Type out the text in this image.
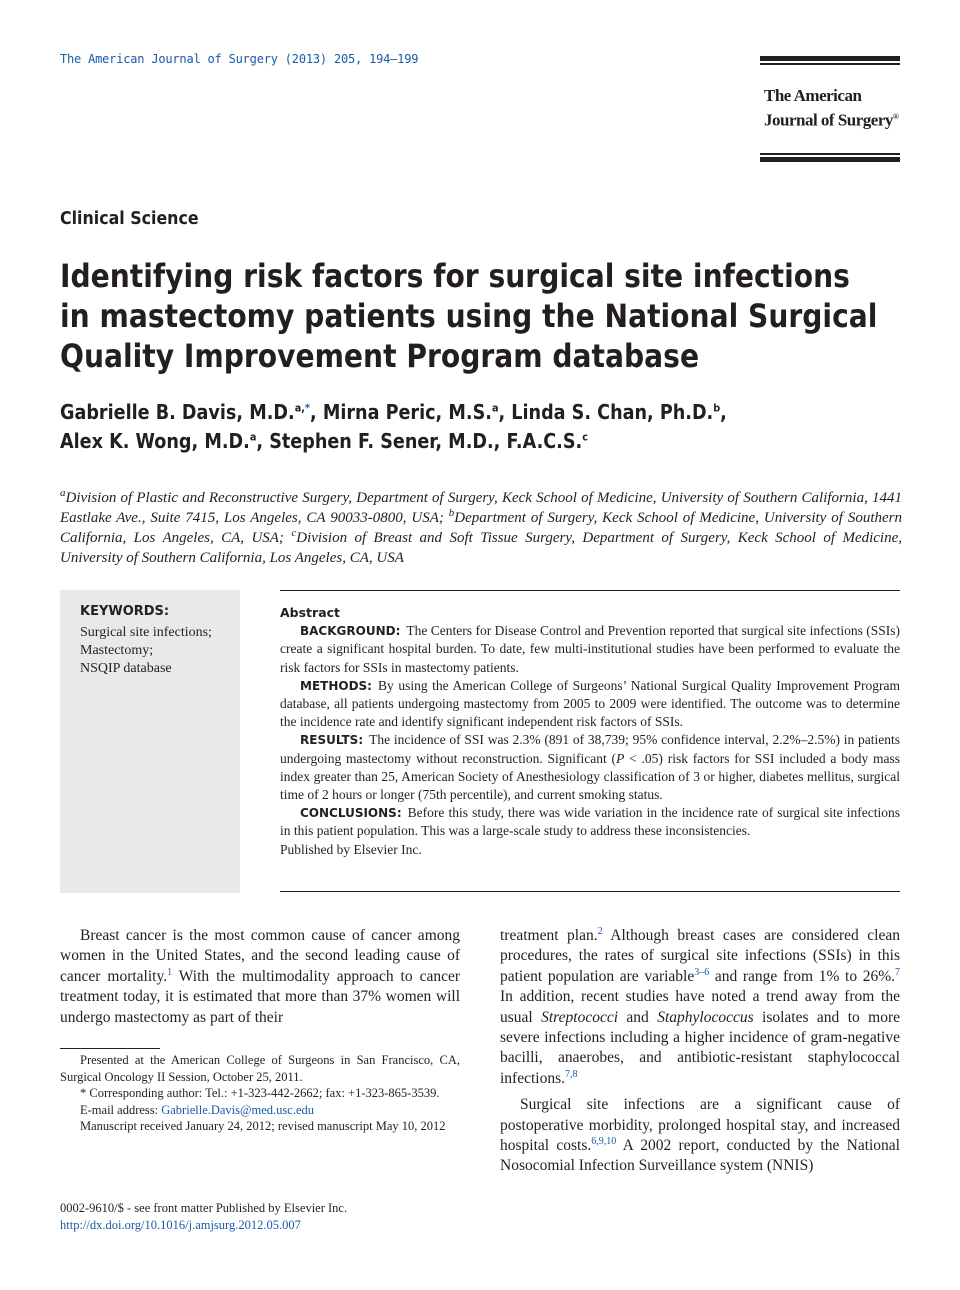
The American Journal of Surgery (2013) 205, 194–199
The American
Journal of Surgery®
Clinical Science
Identifying risk factors for surgical site infections in mastectomy patients using the National Surgical Quality Improvement Program database
Gabrielle B. Davis, M.D.$^{a,*}$, Mirna Peric, M.S.$^a$, Linda S. Chan, Ph.D.$^b$,
Alex K. Wong, M.D.$^a$, Stephen F. Sener, M.D., F.A.C.S.$^c$
$^a$Division of Plastic and Reconstructive Surgery, Department of Surgery, Keck School of Medicine, University of Southern California, 1441 Eastlake Ave., Suite 7415, Los Angeles, CA 90033-0800, USA; $^b$Department of Surgery, Keck School of Medicine, University of Southern California, Los Angeles, CA, USA; $^c$Division of Breast and Soft Tissue Surgery, Department of Surgery, Keck School of Medicine, University of Southern California, Los Angeles, CA, USA
KEYWORDS:
Surgical site infections;
Mastectomy;
NSQIP database
Abstract

BACKGROUND: The Centers for Disease Control and Prevention reported that surgical site infections (SSIs) create a significant hospital burden. To date, few multi-institutional studies have been performed to evaluate the risk factors for SSIs in mastectomy patients.

METHODS: By using the American College of Surgeons’ National Surgical Quality Improvement Program database, all patients undergoing mastectomy from 2005 to 2009 were identified. The outcome was to determine the incidence rate and identify significant independent risk factors of SSIs.

RESULTS: The incidence of SSI was 2.3% (891 of 38,739; 95% confidence interval, 2.2%–2.5%) in patients undergoing mastectomy without reconstruction. Significant (P < .05) risk factors for SSI included a body mass index greater than 25, American Society of Anesthesiology classification of 3 or higher, diabetes mellitus, surgical time of 2 hours or longer (75th percentile), and current smoking status.

CONCLUSIONS: Before this study, there was wide variation in the incidence rate of surgical site infections in this patient population. This was a large-scale study to address these inconsistencies.

Published by Elsevier Inc.

Breast cancer is the most common cause of cancer among women in the United States, and the second leading cause of cancer mortality.$^1$ With the multimodality approach to cancer treatment today, it is estimated that more than 37% women will undergo mastectomy as part of their

Presented at the American College of Surgeons in San Francisco, CA, Surgical Oncology II Session, October 25, 2011.

* Corresponding author: Tel.: +1-323-442-2662; fax: +1-323-865-3539.

E-mail address: Gabrielle.Davis@med.usc.edu

Manuscript received January 24, 2012; revised manuscript May 10, 2012

treatment plan.$^2$ Although breast cases are considered clean procedures, the rates of surgical site infections (SSIs) in this patient population are variable$^{3-6}$ and range from 1% to 26%.$^7$ In addition, recent studies have noted a trend away from the usual Streptococci and Staphylococcus isolates and to more severe infections including a higher incidence of gram-negative bacilli, anaerobes, and antibiotic-resistant staphylococcal infections.$^{7,8}$

Surgical site infections are a significant cause of postoperative morbidity, prolonged hospital stay, and increased hospital costs.$^{6,9,10}$ A 2002 report, conducted by the National Nosocomial Infection Surveillance system (NNIS)

0002-9610/$ - see front matter Published by Elsevier Inc.
http://dx.doi.org/10.1016/j.amjsurg.2012.05.007
